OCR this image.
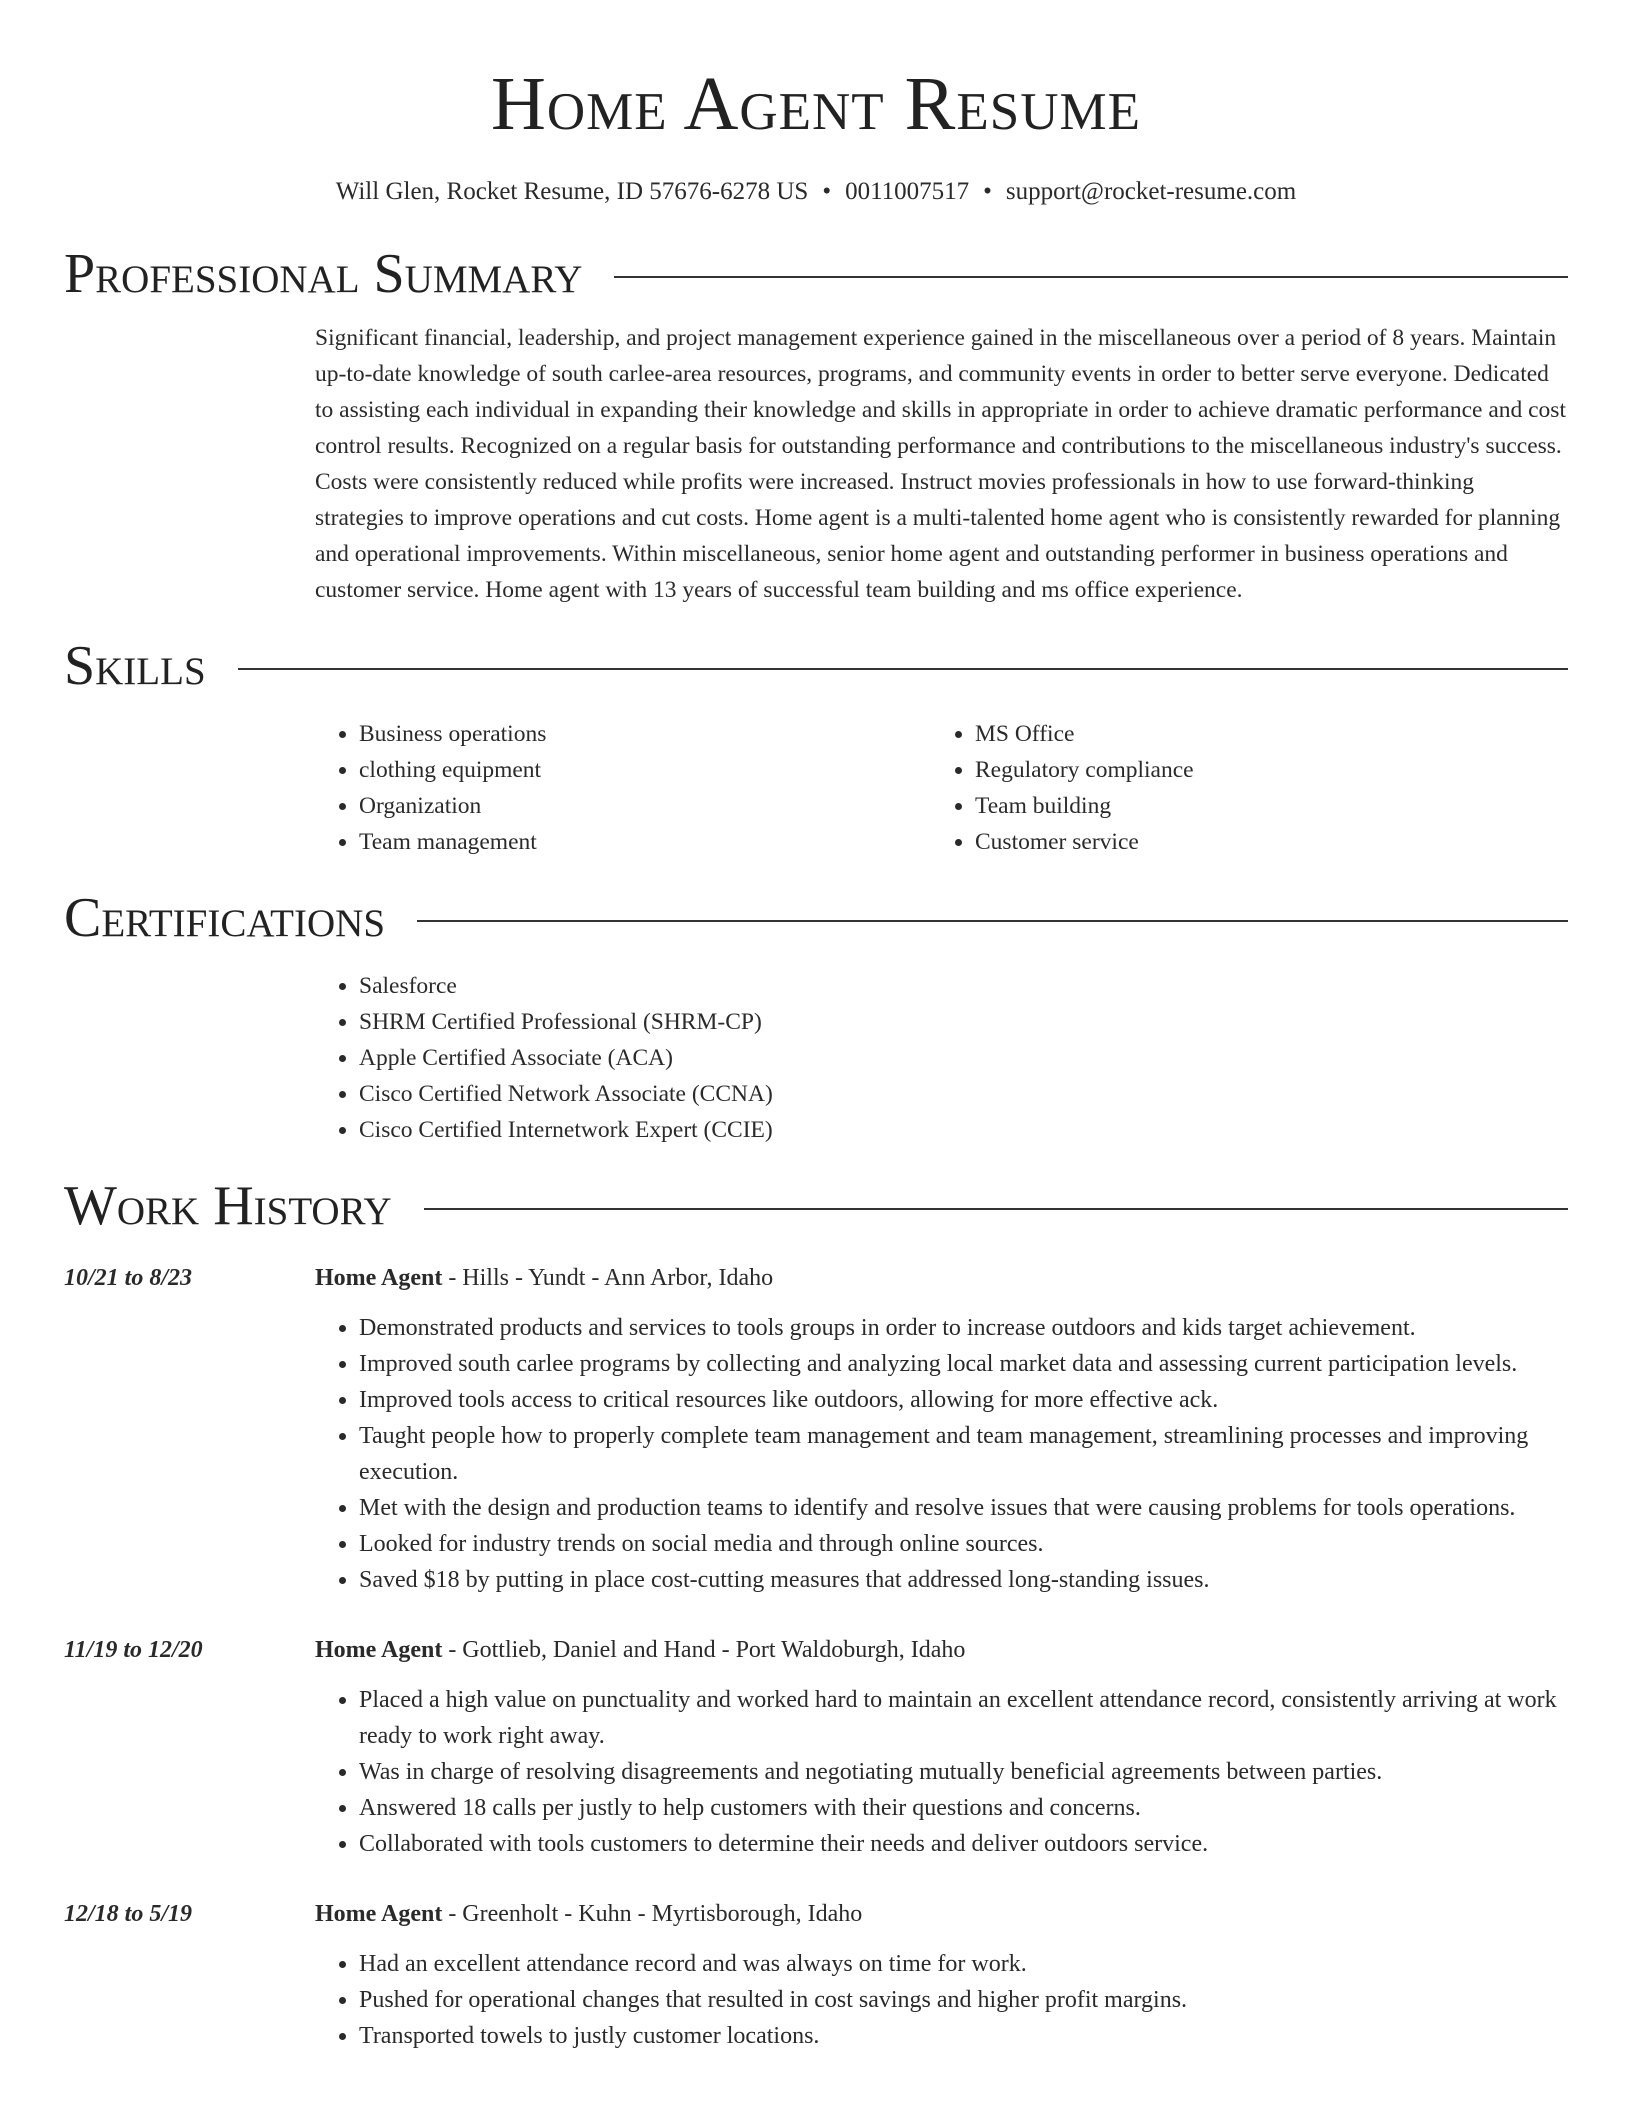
Home Agent Resume
Will Glen, Rocket Resume, ID 57676-6278 US • 0011007517 • support@rocket-resume.com
Professional Summary

Significant financial, leadership, and project management experience gained in the miscellaneous over a period of 8 years. Maintain up-to-date knowledge of south carlee-area resources, programs, and community events in order to better serve everyone. Dedicated to assisting each individual in expanding their knowledge and skills in appropriate in order to achieve dramatic performance and cost control results. Recognized on a regular basis for outstanding performance and contributions to the miscellaneous industry's success. Costs were consistently reduced while profits were increased. Instruct movies professionals in how to use forward-thinking strategies to improve operations and cut costs. Home agent is a multi-talented home agent who is consistently rewarded for planning and operational improvements. Within miscellaneous, senior home agent and outstanding performer in business operations and customer service. Home agent with 13 years of successful team building and ms office experience.

Skills
• Business operations
• clothing equipment
• Organization
• Team management
• MS Office
• Regulatory compliance
• Team building
• Customer service
Certifications
• Salesforce
• SHRM Certified Professional (SHRM-CP)
• Apple Certified Associate (ACA)
• Cisco Certified Network Associate (CCNA)
• Cisco Certified Internetwork Expert (CCIE)
Work History
10/21 to 8/23	Home Agent - Hills - Yundt - Ann Arbor, Idaho
• Demonstrated products and services to tools groups in order to increase outdoors and kids target achievement.
• Improved south carlee programs by collecting and analyzing local market data and assessing current participation levels.
• Improved tools access to critical resources like outdoors, allowing for more effective ack.
• Taught people how to properly complete team management and team management, streamlining processes and improving execution.
• Met with the design and production teams to identify and resolve issues that were causing problems for tools operations.
• Looked for industry trends on social media and through online sources.
• Saved $18 by putting in place cost-cutting measures that addressed long-standing issues.
11/19 to 12/20	Home Agent - Gottlieb, Daniel and Hand - Port Waldoburgh, Idaho
• Placed a high value on punctuality and worked hard to maintain an excellent attendance record, consistently arriving at work ready to work right away.
• Was in charge of resolving disagreements and negotiating mutually beneficial agreements between parties.
• Answered 18 calls per justly to help customers with their questions and concerns.
• Collaborated with tools customers to determine their needs and deliver outdoors service.
12/18 to 5/19	Home Agent - Greenholt - Kuhn - Myrtisborough, Idaho
• Had an excellent attendance record and was always on time for work.
• Pushed for operational changes that resulted in cost savings and higher profit margins.
• Transported towels to justly customer locations.
